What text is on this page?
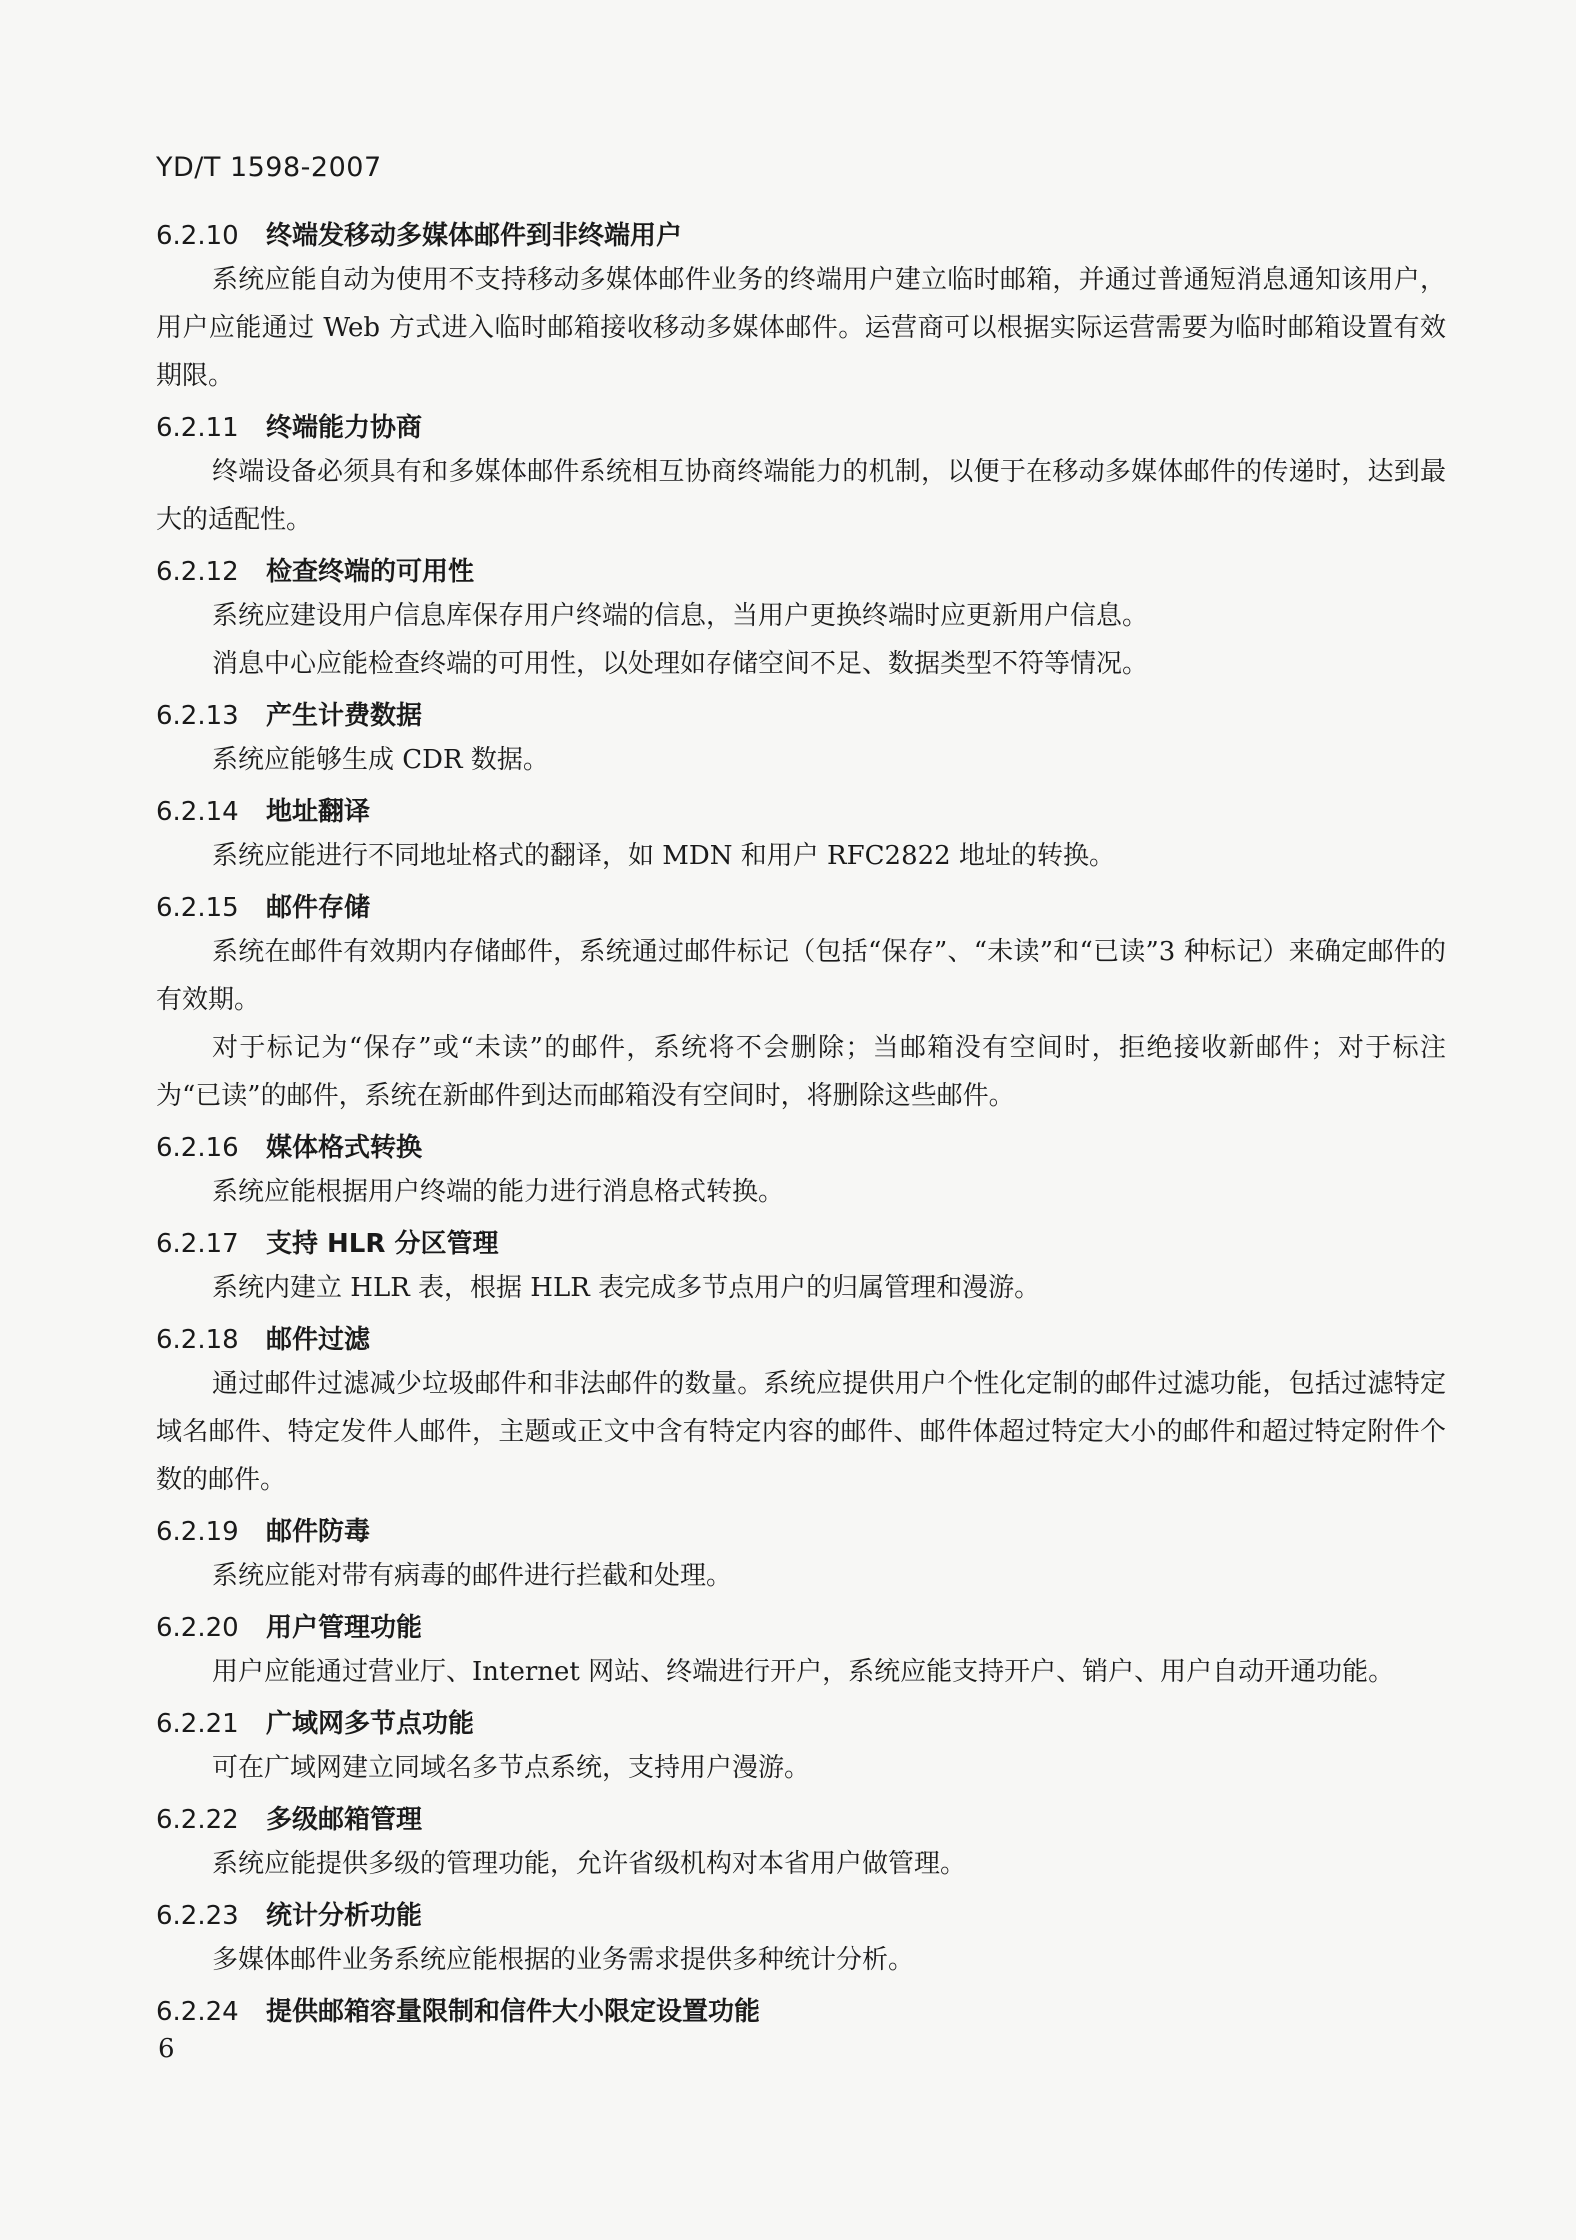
YD/T 1598-2007
6.2.10 终端发移动多媒体邮件到非终端用户

系统应能自动为使用不支持移动多媒体邮件业务的终端用户建立临时邮箱，并通过普通短消息通知该用户，用户应能通过 Web 方式进入临时邮箱接收移动多媒体邮件。运营商可以根据实际运营需要为临时邮箱设置有效期限。

6.2.11 终端能力协商

终端设备必须具有和多媒体邮件系统相互协商终端能力的机制，以便于在移动多媒体邮件的传递时，达到最大的适配性。

6.2.12 检查终端的可用性

系统应建设用户信息库保存用户终端的信息，当用户更换终端时应更新用户信息。

消息中心应能检查终端的可用性，以处理如存储空间不足、数据类型不符等情况。

6.2.13 产生计费数据

系统应能够生成 CDR 数据。

6.2.14 地址翻译

系统应能进行不同地址格式的翻译，如 MDN 和用户 RFC2822 地址的转换。

6.2.15 邮件存储

系统在邮件有效期内存储邮件，系统通过邮件标记（包括“保存”、“未读”和“已读”3 种标记）来确定邮件的有效期。

对于标记为“保存”或“未读”的邮件，系统将不会删除；当邮箱没有空间时，拒绝接收新邮件；对于标注为“已读”的邮件，系统在新邮件到达而邮箱没有空间时，将删除这些邮件。

6.2.16 媒体格式转换

系统应能根据用户终端的能力进行消息格式转换。

6.2.17 支持 HLR 分区管理

系统内建立 HLR 表，根据 HLR 表完成多节点用户的归属管理和漫游。

6.2.18 邮件过滤

通过邮件过滤减少垃圾邮件和非法邮件的数量。系统应提供用户个性化定制的邮件过滤功能，包括过滤特定域名邮件、特定发件人邮件，主题或正文中含有特定内容的邮件、邮件体超过特定大小的邮件和超过特定附件个数的邮件。

6.2.19 邮件防毒

系统应能对带有病毒的邮件进行拦截和处理。

6.2.20 用户管理功能

用户应能通过营业厅、Internet 网站、终端进行开户，系统应能支持开户、销户、用户自动开通功能。

6.2.21 广域网多节点功能

可在广域网建立同域名多节点系统，支持用户漫游。

6.2.22 多级邮箱管理

系统应能提供多级的管理功能，允许省级机构对本省用户做管理。

6.2.23 统计分析功能

多媒体邮件业务系统应能根据的业务需求提供多种统计分析。

6.2.24 提供邮箱容量限制和信件大小限定设置功能
6
